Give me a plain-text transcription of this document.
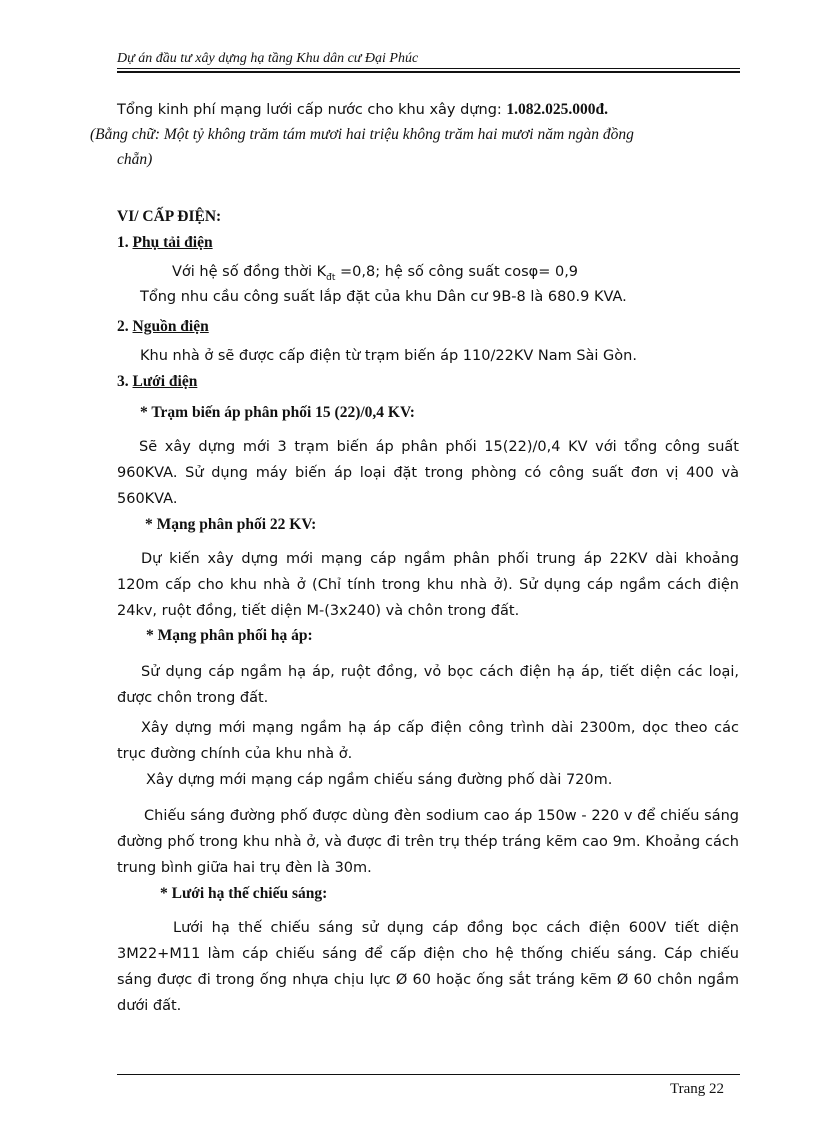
Dự án đầu tư xây dựng hạ tầng Khu dân cư Đại Phúc
Tổng kinh phí mạng lưới cấp nước cho khu xây dựng: 1.082.025.000đ.
(Bằng chữ: Một tỷ không trăm tám mươi hai triệu không trăm hai mươi năm ngàn đồng
chẵn)
VI/ CẤP ĐIỆN:
1. Phụ tải điện
Với hệ số đồng thời $K_{đt} =0,8$; hệ số công suất cosφ= 0,9
Tổng nhu cầu công suất lắp đặt của khu Dân cư 9B-8 là 680.9 KVA.
2. Nguồn điện
Khu nhà ở sẽ được cấp điện từ trạm biến áp 110/22KV Nam Sài Gòn.
3. Lưới điện
* Trạm biến áp phân phối 15 (22)/0,4 KV:
Sẽ xây dựng mới 3 trạm biến áp phân phối 15(22)/0,4 KV với tổng công suất 960KVA. Sử dụng máy biến áp loại đặt trong phòng có công suất đơn vị 400 và 560KVA.
* Mạng phân phối 22 KV:
Dự kiến xây dựng mới mạng cáp ngầm phân phối trung áp 22KV dài khoảng 120m cấp cho khu nhà ở (Chỉ tính trong khu nhà ở). Sử dụng cáp ngầm cách điện 24kv, ruột đồng, tiết diện M-(3x240) và chôn trong đất.
* Mạng phân phối hạ áp:
Sử dụng cáp ngầm hạ áp, ruột đồng, vỏ bọc cách điện hạ áp, tiết diện các loại, được chôn trong đất.
Xây dựng mới mạng ngầm hạ áp cấp điện công trình dài 2300m, dọc theo các trục đường chính của khu nhà ở.
Xây dựng mới mạng cáp ngầm chiếu sáng đường phố dài 720m.
Chiếu sáng đường phố được dùng đèn sodium cao áp 150w - 220 v để chiếu sáng đường phố trong khu nhà ở, và được đi trên trụ thép tráng kẽm cao 9m. Khoảng cách trung bình giữa hai trụ đèn là 30m.
* Lưới hạ thế chiếu sáng:
Lưới hạ thế chiếu sáng sử dụng cáp đồng bọc cách điện 600V tiết diện 3M22+M11 làm cáp chiếu sáng để cấp điện cho hệ thống chiếu sáng. Cáp chiếu sáng được đi trong ống nhựa chịu lực Ø 60 hoặc ống sắt tráng kẽm Ø 60 chôn ngầm dưới đất.
Trang 22
